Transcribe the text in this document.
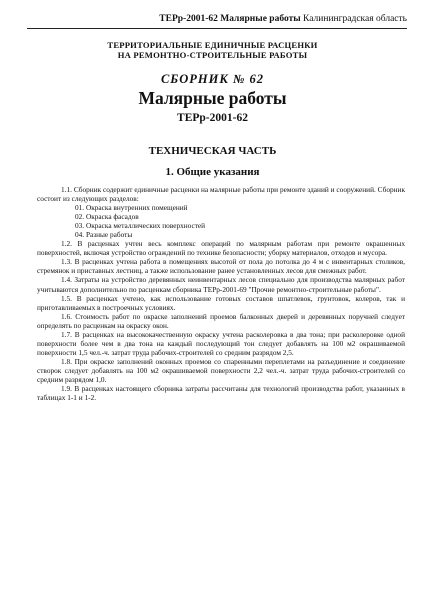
ТЕРр-2001-62 Малярные работы Калининградская область
ТЕРРИТОРИАЛЬНЫЕ ЕДИНИЧНЫЕ РАСЦЕНКИ
НА РЕМОНТНО-СТРОИТЕЛЬНЫЕ РАБОТЫ
СБОРНИК № 62
Малярные работы
ТЕРр-2001-62
ТЕХНИЧЕСКАЯ ЧАСТЬ
1. Общие указания

1.1. Сборник содержит единичные расценки на малярные работы при ремонте зданий и сооружений. Сборник состоит из следующих разделов:

01. Окраска внутренних помещений
02. Окраска фасадов
03. Окраска металлических поверхностей
04. Разные работы

1.2. В расценках учтен весь комплекс операций по малярным работам при ремонте окрашенных поверхностей, включая устройство ограждений по технике безопасности; уборку материалов, отходов и мусора.

1.3. В расценках учтена работа в помещениях высотой от пола до потолка до 4 м с инвентарных столиков, стремянок и приставных лестниц, а также использование ранее установленных лесов для смежных работ.

1.4. Затраты на устройство деревянных неинвентарных лесов специально для производства малярных работ учитываются дополнительно по расценкам сборника ТЕРр-2001-69 "Прочие ремонтно-строительные работы".

1.5. В расценках учтено, как использование готовых составов шпатлевок, грунтовок, колеров, так и приготавливаемых в построечных условиях.

1.6. Стоимость работ по окраске заполнений проемов балконных дверей и деревянных поручней следует определять по расценкам на окраску окон.

1.7. В расценках на высококачественную окраску учтена расколеровка в два тона; при расколеровке одной поверхности более чем в два тона на каждый последующий тон следует добавлять на 100 м2 окрашиваемой поверхности 1,5 чел.-ч. затрат труда рабочих-строителей со средним разрядом 2,5.

1.8. При окраске заполнений оконных проемов со спаренными переплетами на разъединение и соединение створок следует добавлять на 100 м2 окрашиваемой поверхности 2,2 чел.-ч. затрат труда рабочих-строителей со средним разрядом 1,0.

1.9. В расценках настоящего сборника затраты рассчитаны для технологий производства работ, указанных в таблицах 1-1 и 1-2.
